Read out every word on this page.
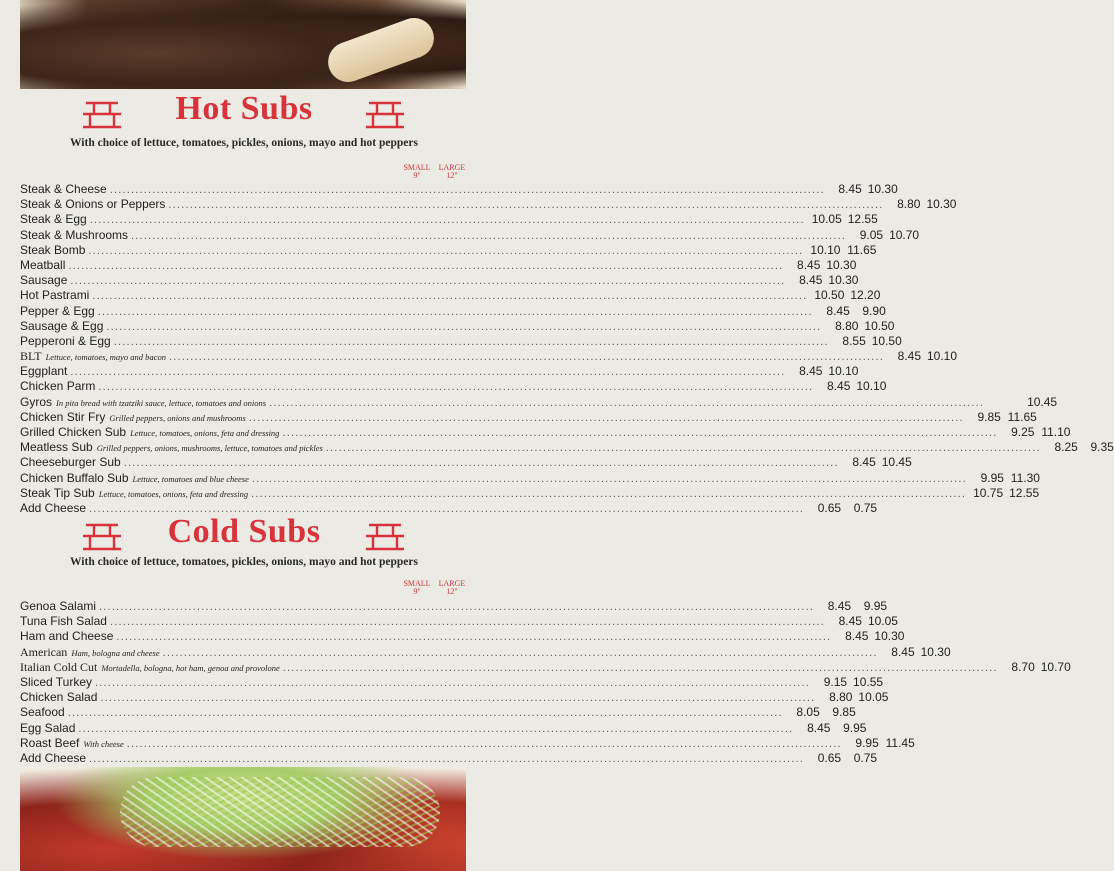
Hot Subs
With choice of lettuce, tomatoes, pickles, onions, mayo and hot peppers
SMALL
9"
LARGE
12"
Steak & Cheese .....	8.45 10.30
Steak & Onions or Peppers .....	8.80 10.30
Steak & Egg .....	10.05 12.55
Steak & Mushrooms .....	9.05 10.70
Steak Bomb .....	10.10 11.65
Meatball .....	8.45 10.30
Sausage .....	8.45 10.30
Hot Pastrami .....	10.50 12.20
Pepper & Egg .....	8.45	9.90
Sausage & Egg .....	8.80 10.50
Pepperoni & Egg .....	8.55 10.50
BLT Lettuce, tomatoes, mayo and bacon .....	8.45 10.10
Eggplant .....	8.45 10.10
Chicken Parm .....	8.45 10.10
Gyros In pita bread with tzatziki sauce, lettuce, tomatoes and onions .....	10.45
Chicken Stir Fry Grilled peppers, onions and mushrooms .....	9.85 11.65
Grilled Chicken Sub Lettuce, tomatoes, onions, feta and dressing .....	9.25 11.10
Meatless Sub Grilled peppers, onions, mushrooms, lettuce, tomatoes and pickles .....	8.25	9.35
Cheeseburger Sub .....	8.45 10.45
Chicken Buffalo Sub Lettuce, tomatoes and blue cheese .....	9.95 11.30
Steak Tip Sub Lettuce, tomatoes, onions, feta and dressing .....	10.75 12.55
Add Cheese .....	0.65	0.75
Cold Subs
With choice of lettuce, tomatoes, pickles, onions, mayo and hot peppers
SMALL
9"
LARGE
12"
Genoa Salami .....	8.45	9.95
Tuna Fish Salad .....	8.45 10.05
Ham and Cheese .....	8.45 10.30
American Ham, bologna and cheese .....	8.45 10.30
Italian Cold Cut Mortadella, bologna, hot ham, genoa and provolone .....	8.70 10.70
Sliced Turkey .....	9.15 10.55
Chicken Salad .....	8.80 10.05
Seafood .....	8.05	9.85
Egg Salad .....	8.45	9.95
Roast Beef With cheese .....	9.95 11.45
Add Cheese .....	0.65	0.75
